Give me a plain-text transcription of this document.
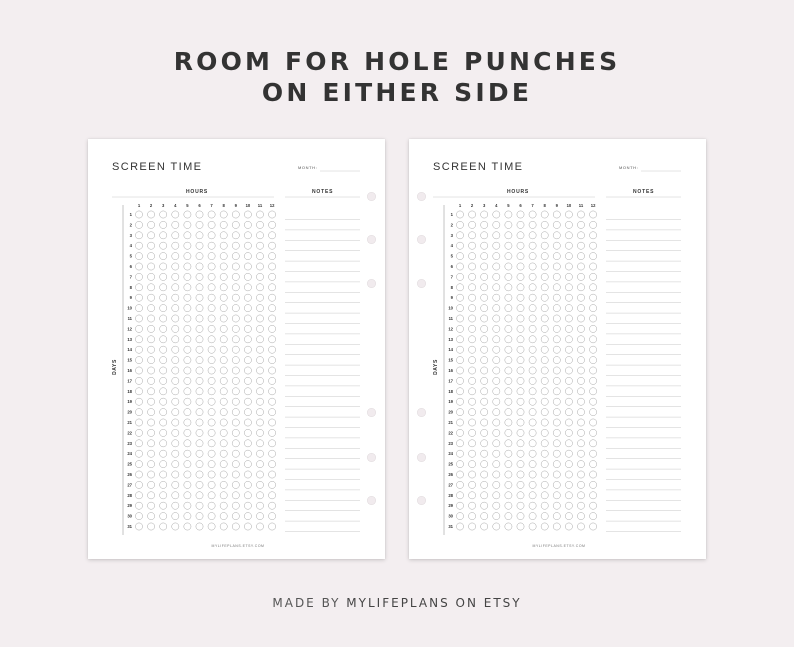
ROOM FOR HOLE PUNCHES
ON EITHER SIDE
SCREEN TIME	MONTH:
HOURS	NOTES
DAYS
MYLIFEPLANS.ETSY.COM
1 2 3 4 5 6 7 8 9 10 11 12
1
2
3
4
5
6
7
8
9
10
11
12
13
14
15
16
17
18
19
20
21
22
23
24
25
26
27
28
29
30
31
SCREEN TIME	MONTH:
HOURS	NOTES
DAYS
MYLIFEPLANS.ETSY.COM
1 2 3 4 5 6 7 8 9 10 11 12
1
2
3
4
5
6
7
8
9
10
11
12
13
14
15
16
17
18
19
20
21
22
23
24
25
26
27
28
29
30
31
MADE BY MYLIFEPLANS ON ETSY
